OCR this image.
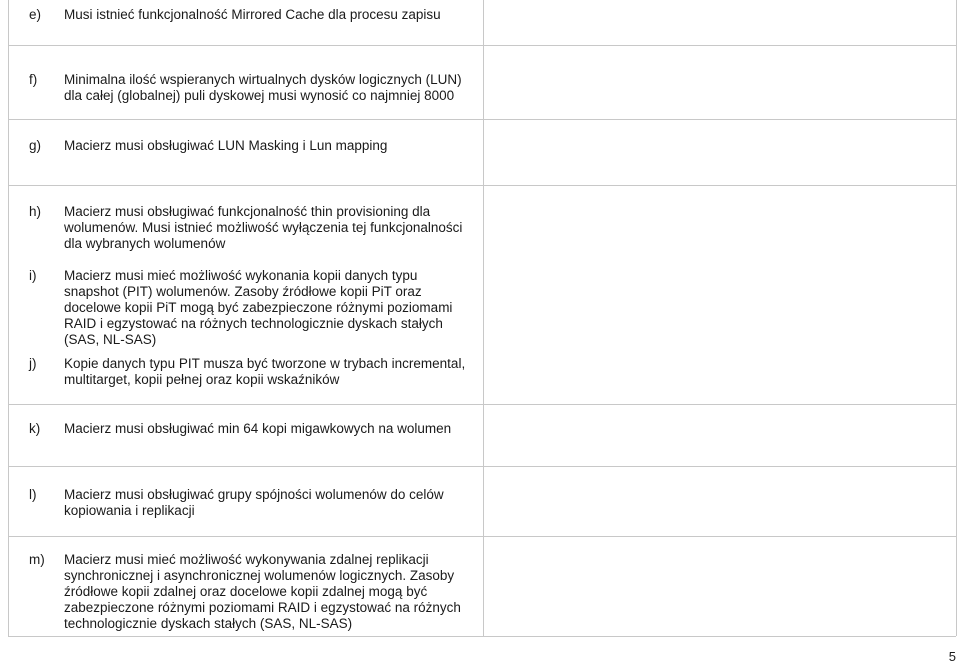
e) Musi istnieć funkcjonalność Mirrored Cache dla procesu zapisu
f) Minimalna ilość wspieranych wirtualnych dysków logicznych (LUN)
dla całej (globalnej) puli dyskowej musi wynosić co najmniej 8000
g) Macierz musi obsługiwać LUN Masking i Lun mapping
h) Macierz musi obsługiwać funkcjonalność thin provisioning dla
wolumenów. Musi istnieć możliwość wyłączenia tej funkcjonalności
dla wybranych wolumenów
i) Macierz musi mieć możliwość wykonania kopii danych typu
snapshot (PIT) wolumenów. Zasoby źródłowe kopii PiT oraz
docelowe kopii PiT mogą być zabezpieczone różnymi poziomami
RAID i egzystować na różnych technologicznie dyskach stałych
(SAS, NL-SAS)
j) Kopie danych typu PIT musza być tworzone w trybach incremental,
multitarget, kopii pełnej oraz kopii wskaźników
k) Macierz musi obsługiwać min 64 kopi migawkowych na wolumen
l) Macierz musi obsługiwać grupy spójności wolumenów do celów
kopiowania i replikacji
m) Macierz musi mieć możliwość wykonywania zdalnej replikacji
synchronicznej i asynchronicznej wolumenów logicznych. Zasoby
źródłowe kopii zdalnej oraz docelowe kopii zdalnej mogą być
zabezpieczone różnymi poziomami RAID i egzystować na różnych
technologicznie dyskach stałych (SAS, NL-SAS)
5
